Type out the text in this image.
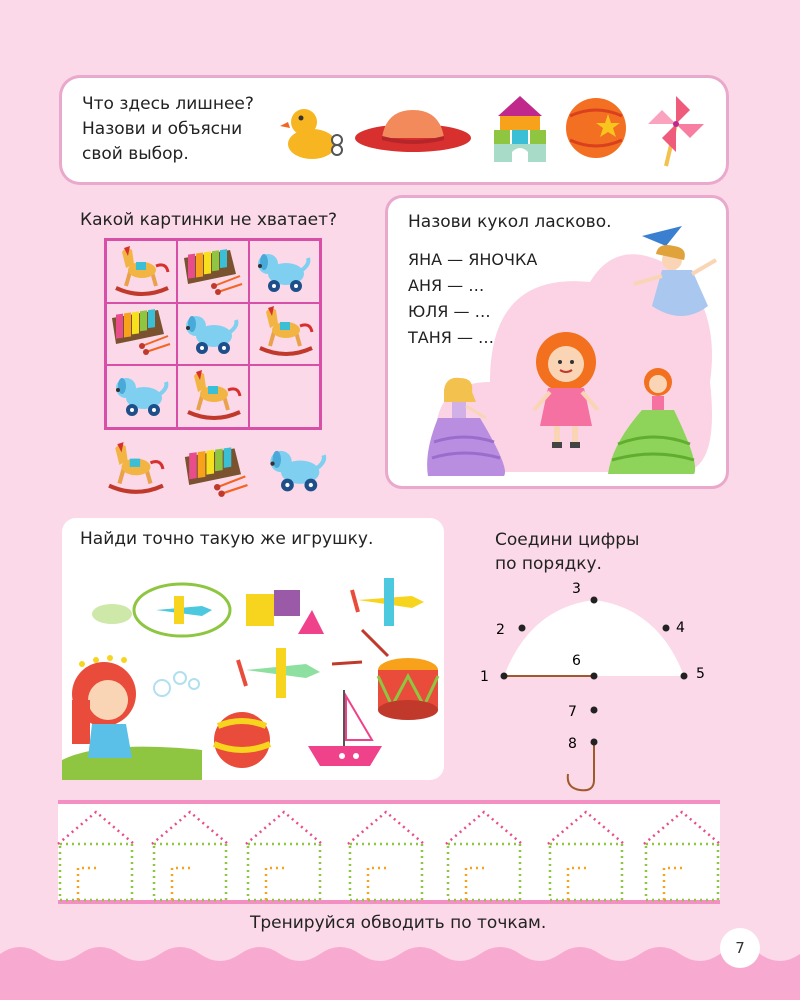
Что здесь лишнее?
Назови и объясни
свой выбор.
Какой картинки не хватает?	Назови кукол ласково.
ЯНА — ЯНОЧКА
АНЯ — …
ЮЛЯ — …
ТАНЯ — …
Найди точно такую же игрушку.	Соедини цифры
по порядку.
1
2
3
4
5
6
7
8
Тренируйся обводить по точкам.
7
